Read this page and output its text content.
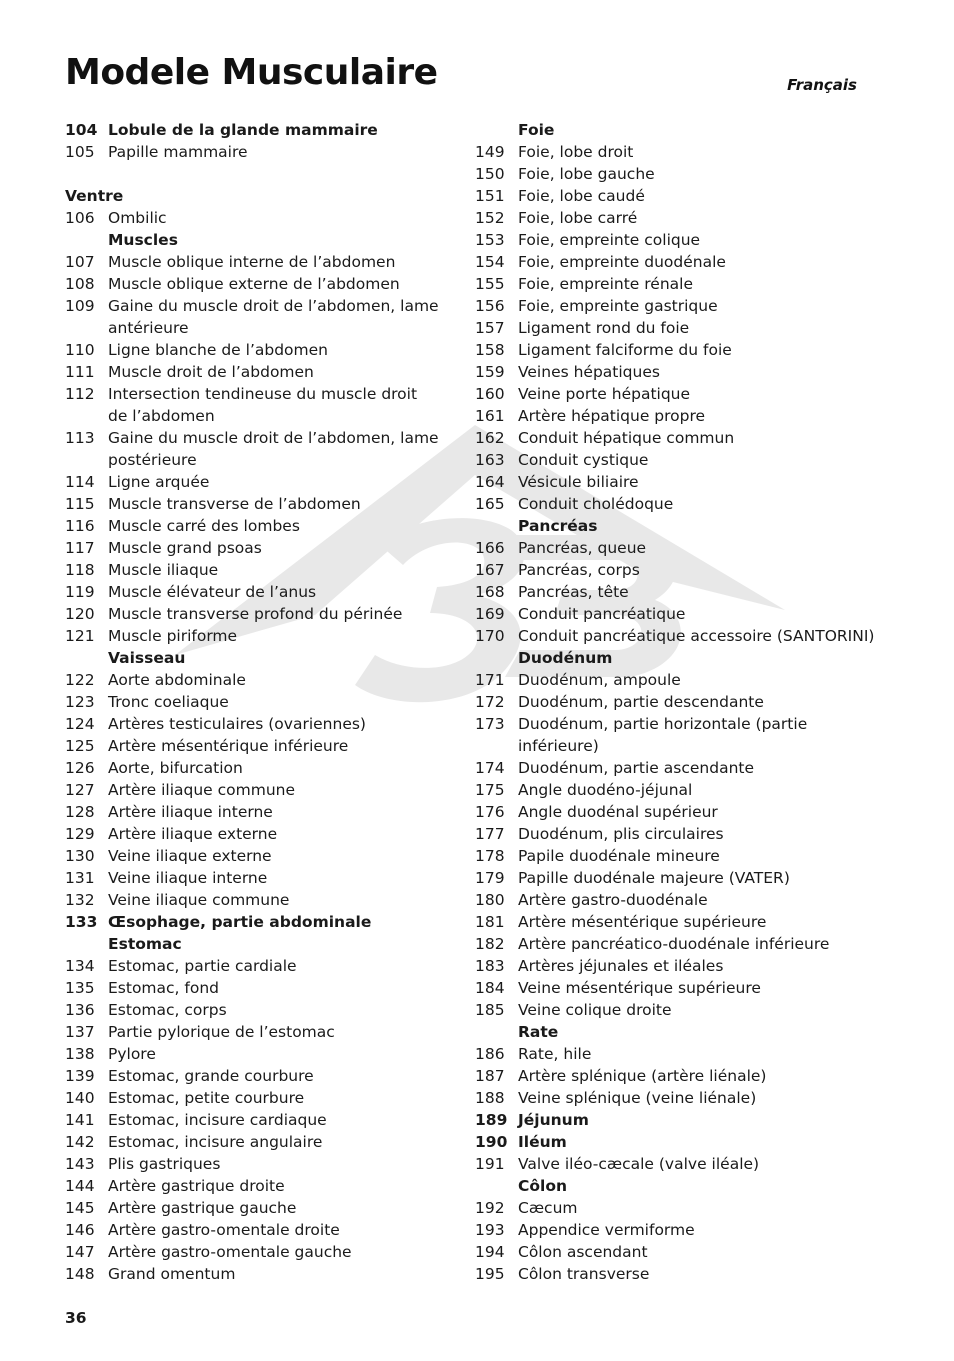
Modele Musculaire	Français
104 Lobule de la glande mammaire
105 Papille mammaire
Ventre
106 Ombilic
Muscles
107 Muscle oblique interne de l’abdomen
108 Muscle oblique externe de l’abdomen
109 Gaine du muscle droit de l’abdomen, lame antérieure
110 Ligne blanche de l’abdomen
111 Muscle droit de l’abdomen
112 Intersection tendineuse du muscle droit de l’abdomen
113 Gaine du muscle droit de l’abdomen, lame postérieure
114 Ligne arquée
115 Muscle transverse de l’abdomen
116 Muscle carré des lombes
117 Muscle grand psoas
118 Muscle iliaque
119 Muscle élévateur de l’anus
120 Muscle transverse profond du périnée
121 Muscle piriforme
Vaisseau
122 Aorte abdominale
123 Tronc coeliaque
124 Artères testiculaires (ovariennes)
125 Artère mésentérique inférieure
126 Aorte, bifurcation
127 Artère iliaque commune
128 Artère iliaque interne
129 Artère iliaque externe
130 Veine iliaque externe
131 Veine iliaque interne
132 Veine iliaque commune
133 Œsophage, partie abdominale
Estomac
134 Estomac, partie cardiale
135 Estomac, fond
136 Estomac, corps
137 Partie pylorique de l’estomac
138 Pylore
139 Estomac, grande courbure
140 Estomac, petite courbure
141 Estomac, incisure cardiaque
142 Estomac, incisure angulaire
143 Plis gastriques
144 Artère gastrique droite
145 Artère gastrique gauche
146 Artère gastro-omentale droite
147 Artère gastro-omentale gauche
148 Grand omentum
Foie
149 Foie, lobe droit
150 Foie, lobe gauche
151 Foie, lobe caudé
152 Foie, lobe carré
153 Foie, empreinte colique
154 Foie, empreinte duodénale
155 Foie, empreinte rénale
156 Foie, empreinte gastrique
157 Ligament rond du foie
158 Ligament falciforme du foie
159 Veines hépatiques
160 Veine porte hépatique
161 Artère hépatique propre
162 Conduit hépatique commun
163 Conduit cystique
164 Vésicule biliaire
165 Conduit cholédoque
Pancréas
166 Pancréas, queue
167 Pancréas, corps
168 Pancréas, tête
169 Conduit pancréatique
170 Conduit pancréatique accessoire (SANTORINI)
Duodénum
171 Duodénum, ampoule
172 Duodénum, partie descendante
173 Duodénum, partie horizontale (partie inférieure)
174 Duodénum, partie ascendante
175 Angle duodéno-jéjunal
176 Angle duodénal supérieur
177 Duodénum, plis circulaires
178 Papile duodénale mineure
179 Papille duodénale majeure (VATER)
180 Artère gastro-duodénale
181 Artère mésentérique supérieure
182 Artère pancréatico-duodénale inférieure
183 Artères jéjunales et iléales
184 Veine mésentérique supérieure
185 Veine colique droite
Rate
186 Rate, hile
187 Artère splénique (artère liénale)
188 Veine splénique (veine liénale)
189 Jéjunum
190 Iléum
191 Valve iléo-cæcale (valve iléale)
Côlon
192 Cæcum
193 Appendice vermiforme
194 Côlon ascendant
195 Côlon transverse
36
